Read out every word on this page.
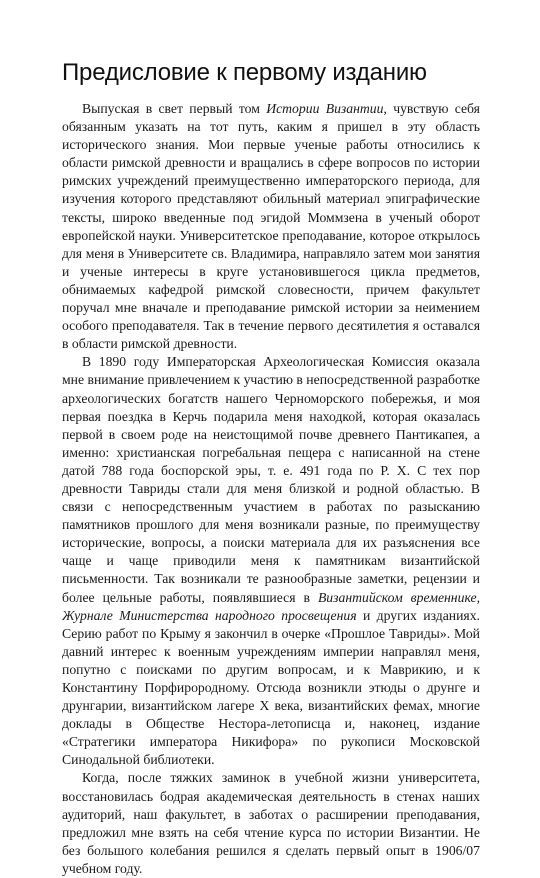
Предисловие к первому изданию

Выпуская в свет первый том Истории Византии, чувствую себя обязанным указать на тот путь, каким я пришел в эту область исторического знания. Мои первые ученые работы относились к области римской древности и вращались в сфере вопросов по истории римских учреждений преимущественно императорского периода, для изучения которого представляют обильный материал эпиграфические тексты, широко введенные под эгидой Моммзена в ученый оборот европейской науки. Университетское преподавание, которое открылось для меня в Университете св. Владимира, направляло затем мои занятия и ученые интересы в круге установившегося цикла предметов, обнимаемых кафедрой римской словесности, причем факультет поручал мне вначале и преподавание римской истории за неимением особого преподавателя. Так в течение первого десятилетия я оставался в области римской древности.

В 1890 году Императорская Археологическая Комиссия оказала мне внимание привлечением к участию в непосредственной разработке археологических богатств нашего Черноморского побережья, и моя первая поездка в Керчь подарила меня находкой, которая оказалась первой в своем роде на неистощимой почве древнего Пантикапея, а именно: христианская погребальная пещера с написанной на стене датой 788 года боспорской эры, т. е. 491 года по Р. Х. С тех пор древности Тавриды стали для меня близкой и родной областью. В связи с непосредственным участием в работах по разысканию памятников прошлого для меня возникали разные, по преимуществу исторические, вопросы, а поиски материала для их разъяснения все чаще и чаще приводили меня к памятникам византийской письменности. Так возникали те разнообразные заметки, рецензии и более цельные работы, появлявшиеся в Византийском временнике, Журнале Министерства народного просвещения и других изданиях. Серию работ по Крыму я закончил в очерке «Прошлое Тавриды». Мой давний интерес к военным учреждениям империи направлял меня, попутно с поисками по другим вопросам, и к Маврикию, и к Константину Порфирородному. Отсюда возникли этюды о друнге и друнгарии, византийском лагере X века, византийских фемах, многие доклады в Обществе Нестора-летописца и, наконец, издание «Стратегики императора Никифора» по рукописи Московской Синодальной библиотеки.

Когда, после тяжких заминок в учебной жизни университета, восстановилась бодрая академическая деятельность в стенах наших аудиторий, наш факультет, в заботах о расширении преподавания, предложил мне взять на себя чтение курса по истории Византии. Не без большого колебания решился я сделать первый опыт в 1906/07 учебном году.
